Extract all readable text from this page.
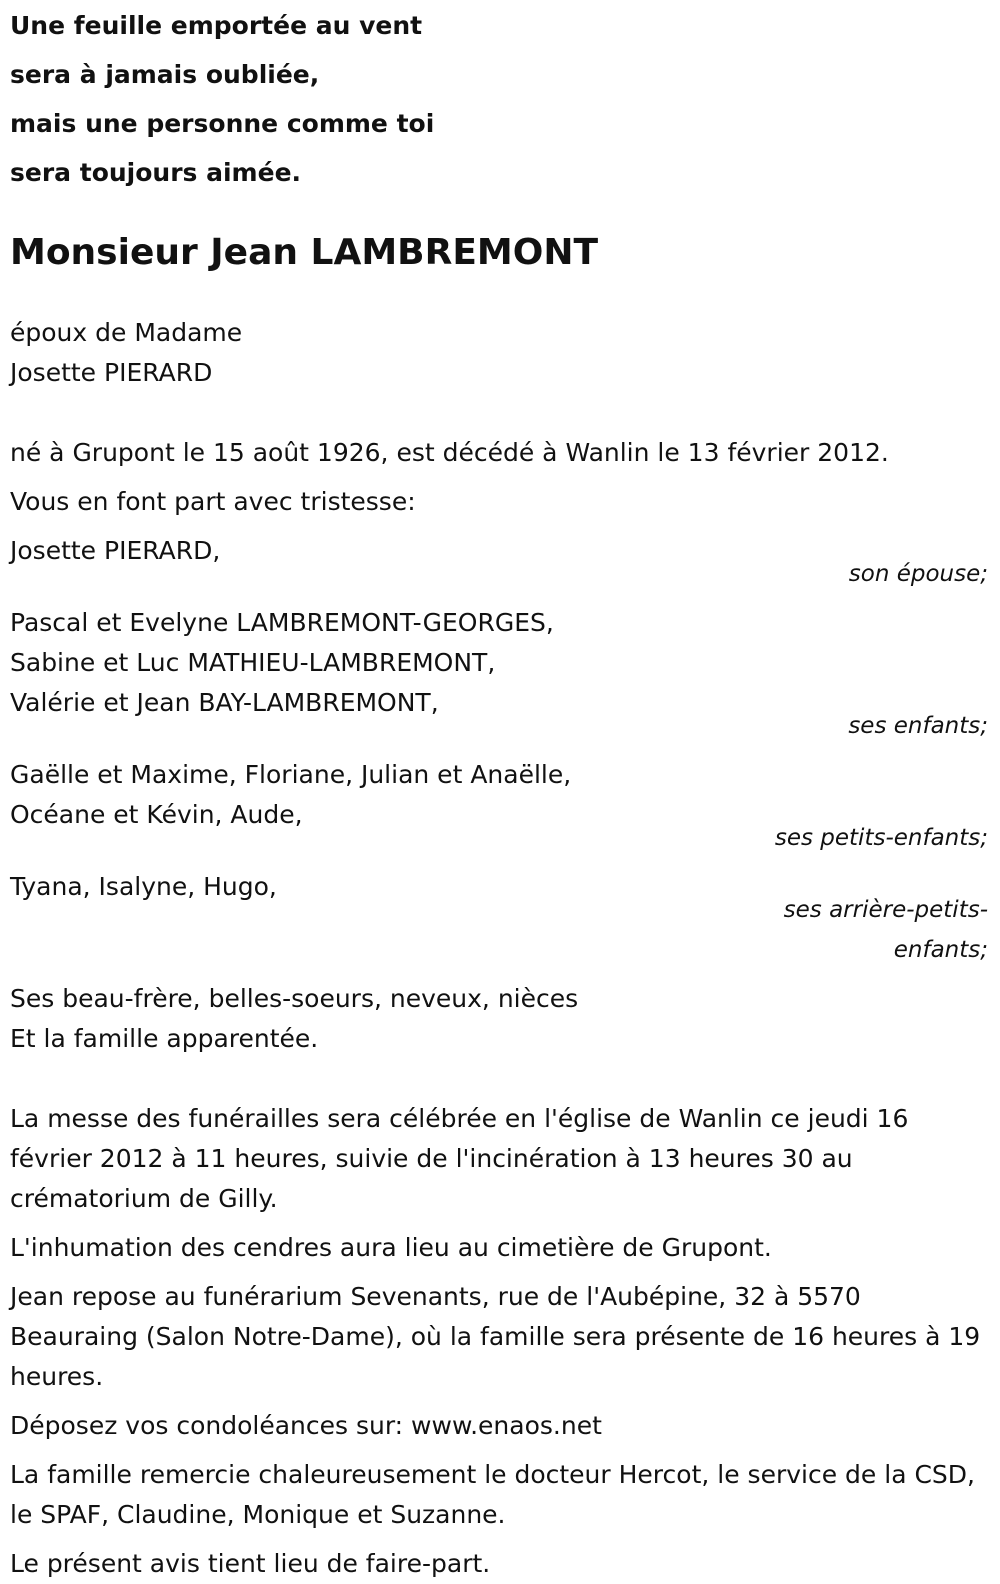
Une feuille emportée au vent
sera à jamais oubliée,
mais une personne comme toi
sera toujours aimée.
Monsieur Jean LAMBREMONT
époux de Madame
Josette PIERARD
né à Grupont le 15 août 1926, est décédé à Wanlin le 13 février 2012.
Vous en font part avec tristesse:
Josette PIERARD,
son épouse;
Pascal et Evelyne LAMBREMONT-GEORGES,
Sabine et Luc MATHIEU-LAMBREMONT,
Valérie et Jean BAY-LAMBREMONT,
ses enfants;
Gaëlle et Maxime, Floriane, Julian et Anaëlle,
Océane et Kévin, Aude,
ses petits-enfants;
Tyana, Isalyne, Hugo,
ses arrière-petits-
enfants;
Ses beau-frère, belles-soeurs, neveux, nièces
Et la famille apparentée.
La messe des funérailles sera célébrée en l'église de Wanlin ce jeudi 16 février 2012 à 11 heures, suivie de l'incinération à 13 heures 30 au crématorium de Gilly.
L'inhumation des cendres aura lieu au cimetière de Grupont.
Jean repose au funérarium Sevenants, rue de l'Aubépine, 32 à 5570 Beauraing (Salon Notre-Dame), où la famille sera présente de 16 heures à 19 heures.
Déposez vos condoléances sur: www.enaos.net
La famille remercie chaleureusement le docteur Hercot, le service de la CSD, le SPAF, Claudine, Monique et Suzanne.
Le présent avis tient lieu de faire-part.
